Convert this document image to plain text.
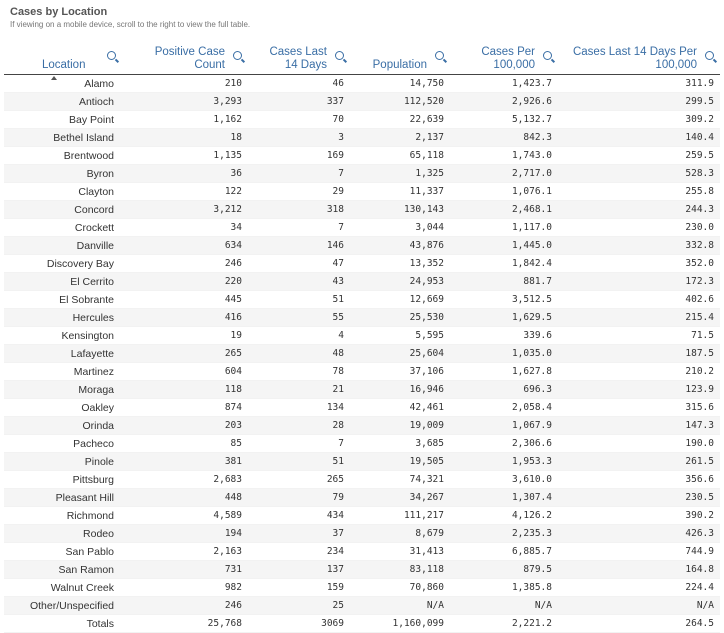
Cases by Location
If viewing on a mobile device, scroll to the right to view the full table.
Location	Positive Case Count	Cases Last 14 Days	Population	Cases Per 100,000	Cases Last 14 Days Per 100,000

Alamo	210	46	14,750	1,423.7	311.9
Antioch	3,293	337	112,520	2,926.6	299.5
Bay Point	1,162	70	22,639	5,132.7	309.2
Bethel Island	18	3	2,137	842.3	140.4
Brentwood	1,135	169	65,118	1,743.0	259.5
Byron	36	7	1,325	2,717.0	528.3
Clayton	122	29	11,337	1,076.1	255.8
Concord	3,212	318	130,143	2,468.1	244.3
Crockett	34	7	3,044	1,117.0	230.0
Danville	634	146	43,876	1,445.0	332.8
Discovery Bay	246	47	13,352	1,842.4	352.0
El Cerrito	220	43	24,953	881.7	172.3
El Sobrante	445	51	12,669	3,512.5	402.6
Hercules	416	55	25,530	1,629.5	215.4
Kensington	19	4	5,595	339.6	71.5
Lafayette	265	48	25,604	1,035.0	187.5
Martinez	604	78	37,106	1,627.8	210.2
Moraga	118	21	16,946	696.3	123.9
Oakley	874	134	42,461	2,058.4	315.6
Orinda	203	28	19,009	1,067.9	147.3
Pacheco	85	7	3,685	2,306.6	190.0
Pinole	381	51	19,505	1,953.3	261.5
Pittsburg	2,683	265	74,321	3,610.0	356.6
Pleasant Hill	448	79	34,267	1,307.4	230.5
Richmond	4,589	434	111,217	4,126.2	390.2
Rodeo	194	37	8,679	2,235.3	426.3
San Pablo	2,163	234	31,413	6,885.7	744.9
San Ramon	731	137	83,118	879.5	164.8
Walnut Creek	982	159	70,860	1,385.8	224.4
Other/Unspecified	246	25	N/A	N/A	N/A
Totals	25,768	3069	1,160,099	2,221.2	264.5
